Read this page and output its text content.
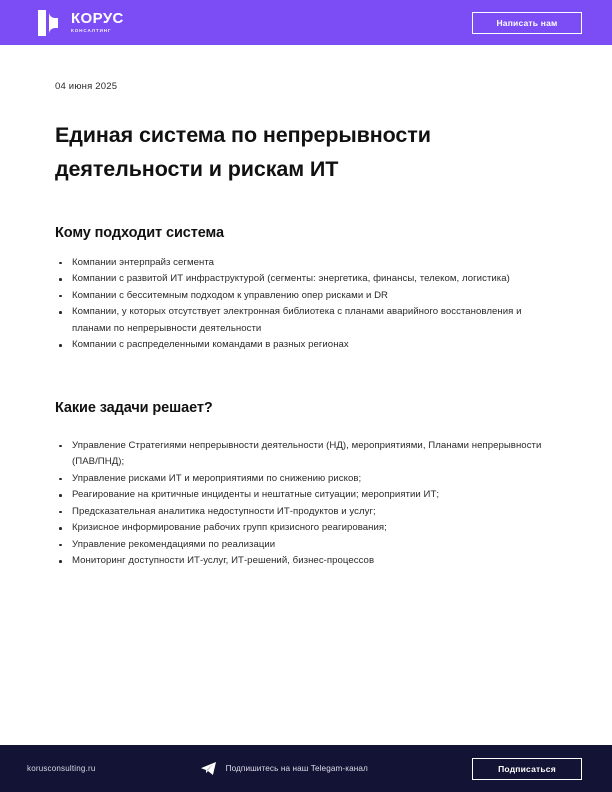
КОРУС
КОНСАЛТИНГ
Написать нам
04 июня 2025
Единая система по непрерывности деятельности и рискам ИТ
Кому подходит система
Компании энтерпрайз сегмента
Компании с развитой ИТ инфраструктурой (сегменты: энергетика, финансы, телеком, логистика)
Компании с бесситемным подходом к управлению опер рисками и DR
Компании, у которых отсутствует электронная библиотека с планами аварийного восстановления и планами по непрерывности деятельности
Компании с распределенными командами в разных регионах
Какие задачи решает?
Управление Стратегиями непрерывности деятельности (НД), мероприятиями, Планами непрерывности (ПАВ/ПНД);
Управление рисками ИТ и мероприятиями по снижению рисков;
Реагирование на критичные инциденты и нештатные ситуации; мероприятии ИТ;
Предсказательная аналитика недоступности ИТ-продуктов и услуг;
Кризисное информирование рабочих групп кризисного реагирования;
Управление рекомендациями по реализации
Мониторинг доступности ИТ-услуг, ИТ-решений, бизнес-процессов
korusconsulting.ru	Подпишитесь на наш Telegam-канал	Подписаться
